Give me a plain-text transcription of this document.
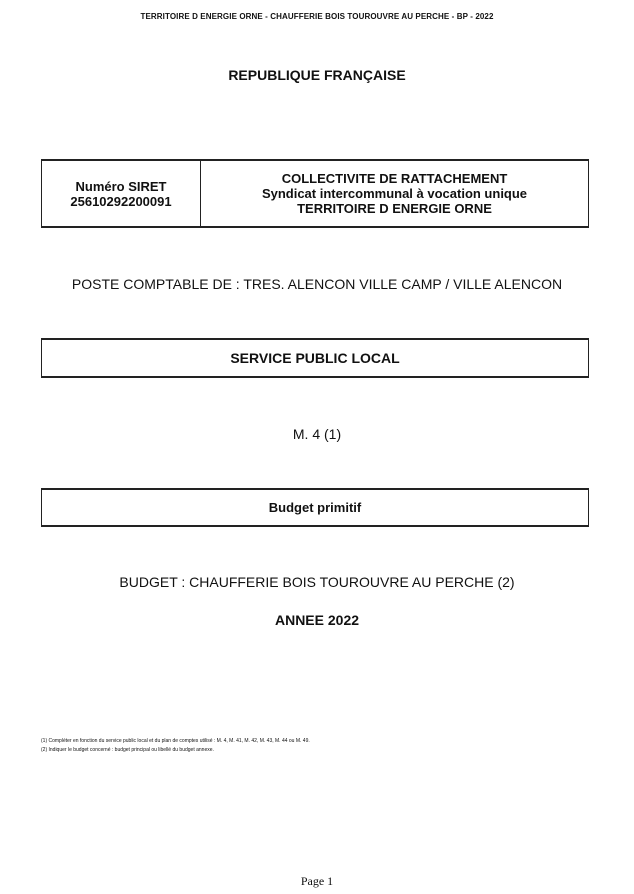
TERRITOIRE D ENERGIE ORNE - CHAUFFERIE BOIS TOUROUVRE AU PERCHE - BP - 2022
REPUBLIQUE FRANÇAISE
Numéro SIRET
25610292200091
COLLECTIVITE DE RATTACHEMENT
Syndicat intercommunal à vocation unique
TERRITOIRE D ENERGIE ORNE
POSTE COMPTABLE DE : TRES. ALENCON VILLE CAMP / VILLE ALENCON
SERVICE PUBLIC LOCAL
M. 4 (1)
Budget primitif
BUDGET : CHAUFFERIE BOIS TOUROUVRE AU PERCHE (2)
ANNEE 2022
(1) Compléter en fonction du service public local et du plan de comptes utilisé : M. 4, M. 41, M. 42, M. 43, M. 44 ou M. 49.
(2) Indiquer le budget concerné : budget principal ou libellé du budget annexe.
Page 1
